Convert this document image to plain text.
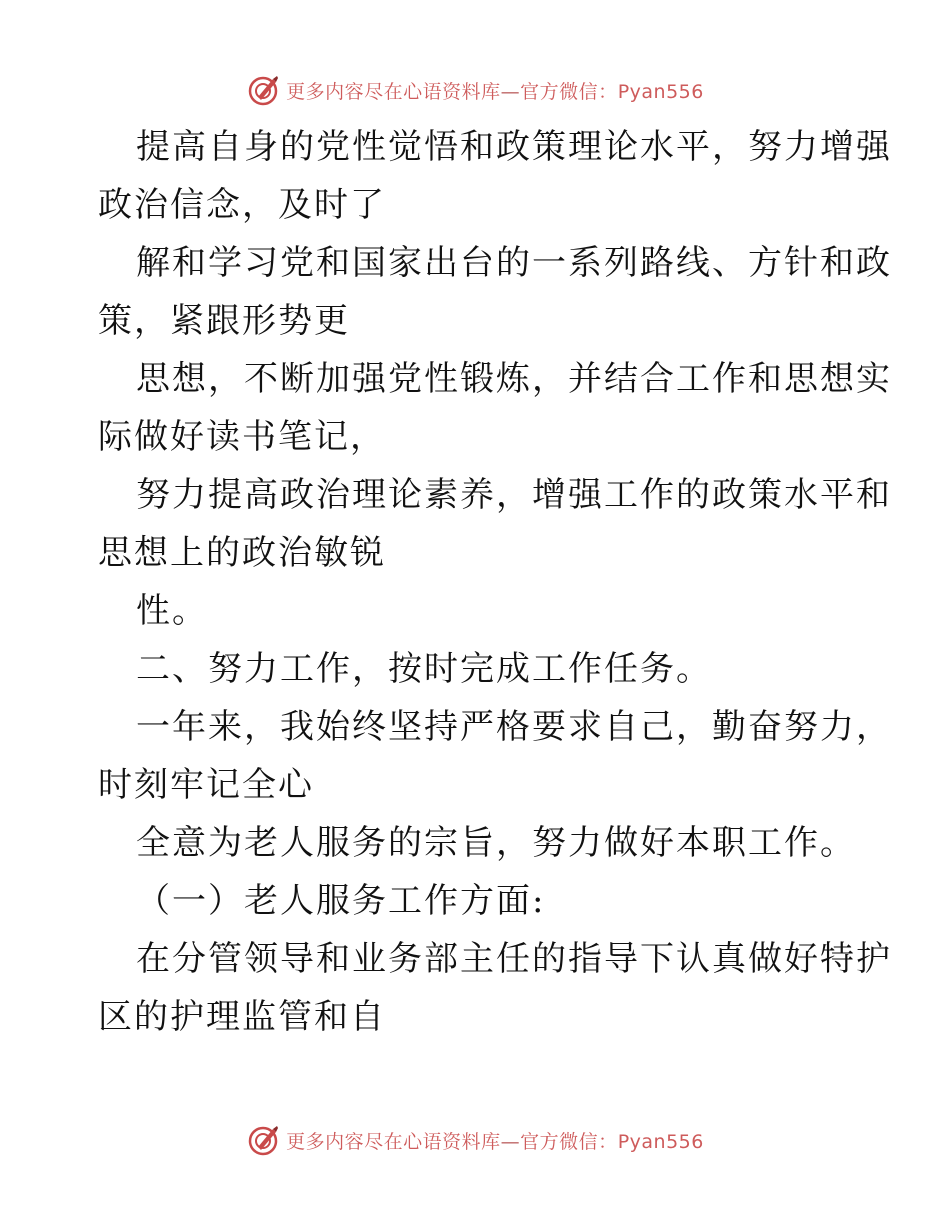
更多内容尽在心语资料库—官方微信：Pyan556
提高自身的党性觉悟和政策理论水平，努力增强
政治信念，及时了
解和学习党和国家出台的一系列路线、方针和政
策，紧跟形势更
思想，不断加强党性锻炼，并结合工作和思想实
际做好读书笔记，
努力提高政治理论素养，增强工作的政策水平和
思想上的政治敏锐
性。
二、努力工作，按时完成工作任务。
一年来，我始终坚持严格要求自己，勤奋努力，
时刻牢记全心
全意为老人服务的宗旨，努力做好本职工作。
（一）老人服务工作方面:
在分管领导和业务部主任的指导下认真做好特护
区的护理监管和自
更多内容尽在心语资料库—官方微信：Pyan556
